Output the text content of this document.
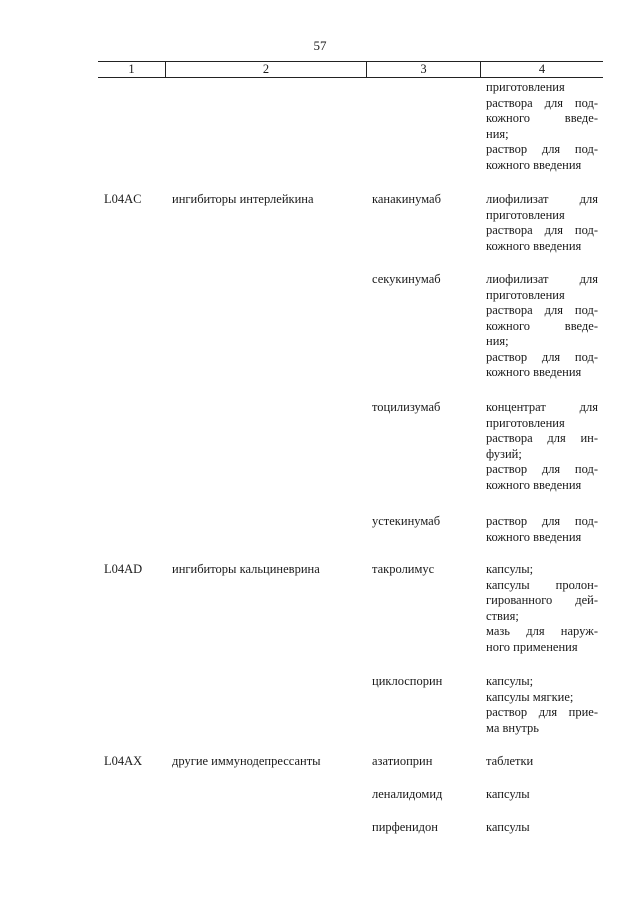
57
1	2	3	4
приготовления
раствора для под-
кожного введе-
ния;
раствор для под-
кожного введения
L04AC ингибиторы интерлейкина	канакинумаб	лиофилизат для
приготовления
раствора для под-
кожного введения
секукинумаб	лиофилизат для
приготовления
раствора для под-
кожного введе-
ния;
раствор для под-
кожного введения
тоцилизумаб	концентрат для
приготовления
раствора для ин-
фузий;
раствор для под-
кожного введения
устекинумаб	раствор для под-
кожного введения
L04AD ингибиторы кальциневрина	такролимус	капсулы;
капсулы пролон-
гированного дей-
ствия;
мазь для наруж-
ного применения
циклоспорин	капсулы;
капсулы мягкие;
раствор для прие-
ма внутрь
L04AX другие иммунодепрессанты	азатиоприн	таблетки
леналидомид	капсулы
пирфенидон	капсулы
